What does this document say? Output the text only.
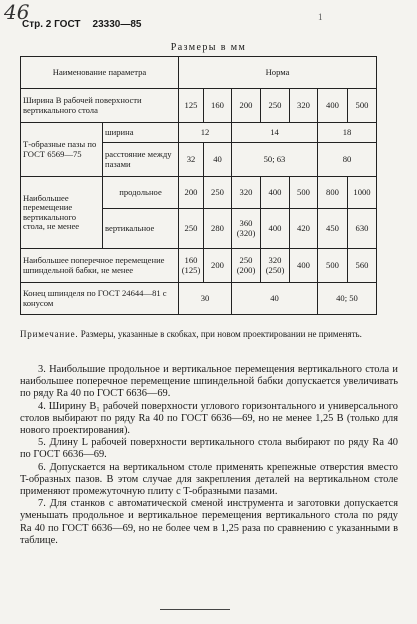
46	1
Стр. 2 ГОСТ 23330—85
Размеры в мм
Наименование параметра		Норма						
Ширина B рабочей поверхности вертикального стола		125	160	200	250	320	400	500
Т-образные пазы по ГОСТ 6569—75	ширина	12		14			18	
	расстояние между пазами	32	40	50; 63			80	
Наибольшее перемещение вертикального стола, не менее	продольное	200	250	320	400	500	800	1000
	вертикальное	250	280	360 (320)	400	420	450	630
Наибольшее поперечное перемещение шпиндельной бабки, не менее		160 (125)	200	250 (200)	320 (250)	400	500	560
Конец шпинделя по ГОСТ 24644—81 с конусом		30		40			40; 50	
Примечание. Размеры, указанные в скобках, при новом проектировании не применять.

3. Наибольшие продольное и вертикальное перемещения вертикального стола и наибольшее поперечное перемещение шпиндельной бабки допускается увеличивать по ряду Ra 40 по ГОСТ 6636—69.

4. Ширину B₁ рабочей поверхности углового горизонтального и универсального столов выбирают по ряду Ra 40 по ГОСТ 6636—69, но не менее 1,25 B (только для нового проектирования).

5. Длину L рабочей поверхности вертикального стола выбирают по ряду Ra 40 по ГОСТ 6636—69.

6. Допускается на вертикальном столе применять крепежные отверстия вместо T-образных пазов. В этом случае для закрепления деталей на вертикальном столе применяют промежуточную плиту с T-образными пазами.

7. Для станков с автоматической сменой инструмента и заготовки допускается уменьшать продольное и вертикальное перемещения вертикального стола по ряду Ra 40 по ГОСТ 6636—69, но не более чем в 1,25 раза по сравнению с указанными в таблице.
